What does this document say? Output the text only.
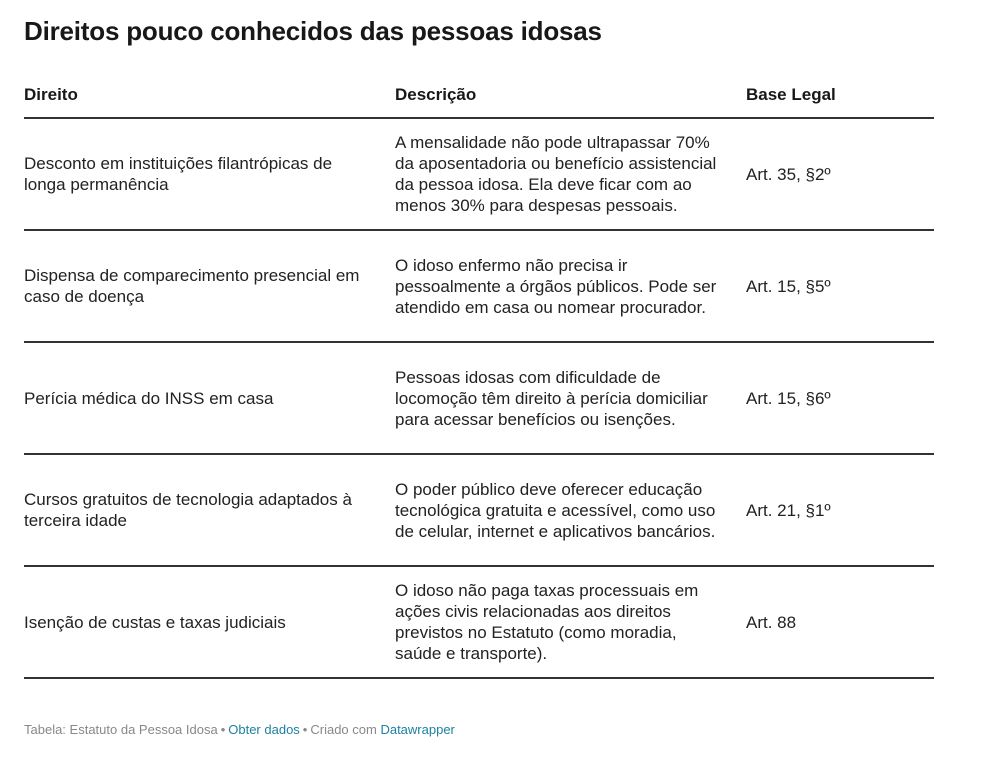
Direitos pouco conhecidos das pessoas idosas
Direito	Descrição	Base Legal
Desconto em instituições filantrópicas de longa permanência	A mensalidade não pode ultrapassar 70% da aposentadoria ou benefício assistencial da pessoa idosa. Ela deve ficar com ao menos 30% para despesas pessoais.	Art. 35, §2º
Dispensa de comparecimento presencial em caso de doença	O idoso enfermo não precisa ir pessoalmente a órgãos públicos. Pode ser atendido em casa ou nomear procurador.	Art. 15, §5º
Perícia médica do INSS em casa	Pessoas idosas com dificuldade de locomoção têm direito à perícia domiciliar para acessar benefícios ou isenções.	Art. 15, §6º
Cursos gratuitos de tecnologia adaptados à terceira idade	O poder público deve oferecer educação tecnológica gratuita e acessível, como uso de celular, internet e aplicativos bancários.	Art. 21, §1º
Isenção de custas e taxas judiciais	O idoso não paga taxas processuais em ações civis relacionadas aos direitos previstos no Estatuto (como moradia, saúde e transporte).	Art. 88
Tabela: Estatuto da Pessoa Idosa • Obter dados • Criado com Datawrapper
